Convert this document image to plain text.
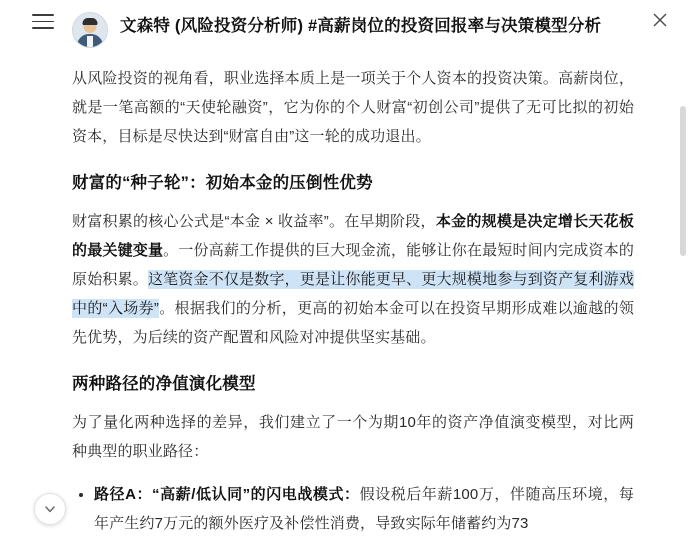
文森特 (风险投资分析师) #高薪岗位的投资回报率与决策模型分析

从风险投资的视角看，职业选择本质上是一项关于个人资本的投资决策。高薪岗位，就是一笔高额的“天使轮融资”，它为你的个人财富“初创公司”提供了无可比拟的初始资本，目标是尽快达到“财富自由”这一轮的成功退出。

财富的“种子轮”：初始本金的压倒性优势

财富积累的核心公式是“本金 × 收益率”。在早期阶段，本金的规模是决定增长天花板的最关键变量。一份高薪工作提供的巨大现金流，能够让你在最短时间内完成资本的原始积累。这笔资金不仅是数字，更是让你能更早、更大规模地参与到资产复利游戏中的“入场券”。根据我们的分析，更高的初始本金可以在投资早期形成难以逾越的领先优势，为后续的资产配置和风险对冲提供坚实基础。

两种路径的净值演化模型

为了量化两种选择的差异，我们建立了一个为期10年的资产净值演变模型，对比两种典型的职业路径：

• 路径A：“高薪/低认同”的闪电战模式：假设税后年薪100万，伴随高压环境，每年产生约7万元的额外医疗及补偿性消费，导致实际年储蓄约为73
